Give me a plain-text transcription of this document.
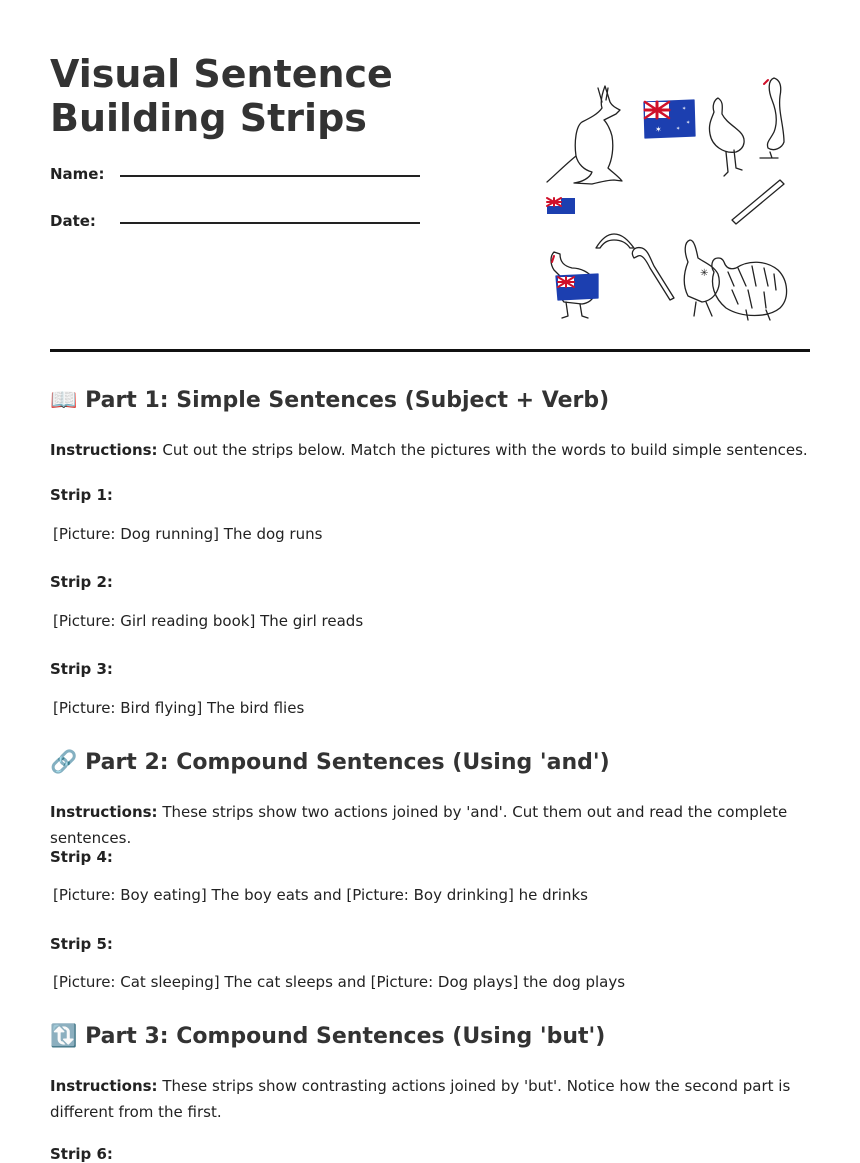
Visual Sentence
Building Strips
Name:
Date:
✶
✶
✶
✶
✳
📖 Part 1: Simple Sentences (Subject + Verb)

Instructions: Cut out the strips below. Match the pictures with the words to build simple sentences.

Strip 1:
[Picture: Dog running] The dog runs
Strip 2:
[Picture: Girl reading book] The girl reads
Strip 3:
[Picture: Bird flying] The bird flies
🔗 Part 2: Compound Sentences (Using 'and')

Instructions: These strips show two actions joined by 'and'. Cut them out and read the complete sentences.

Strip 4:
[Picture: Boy eating] The boy eats and [Picture: Boy drinking] he drinks
Strip 5:
[Picture: Cat sleeping] The cat sleeps and [Picture: Dog plays] the dog plays
🔃 Part 3: Compound Sentences (Using 'but')

Instructions: These strips show contrasting actions joined by 'but'. Notice how the second part is different from the first.

Strip 6:
